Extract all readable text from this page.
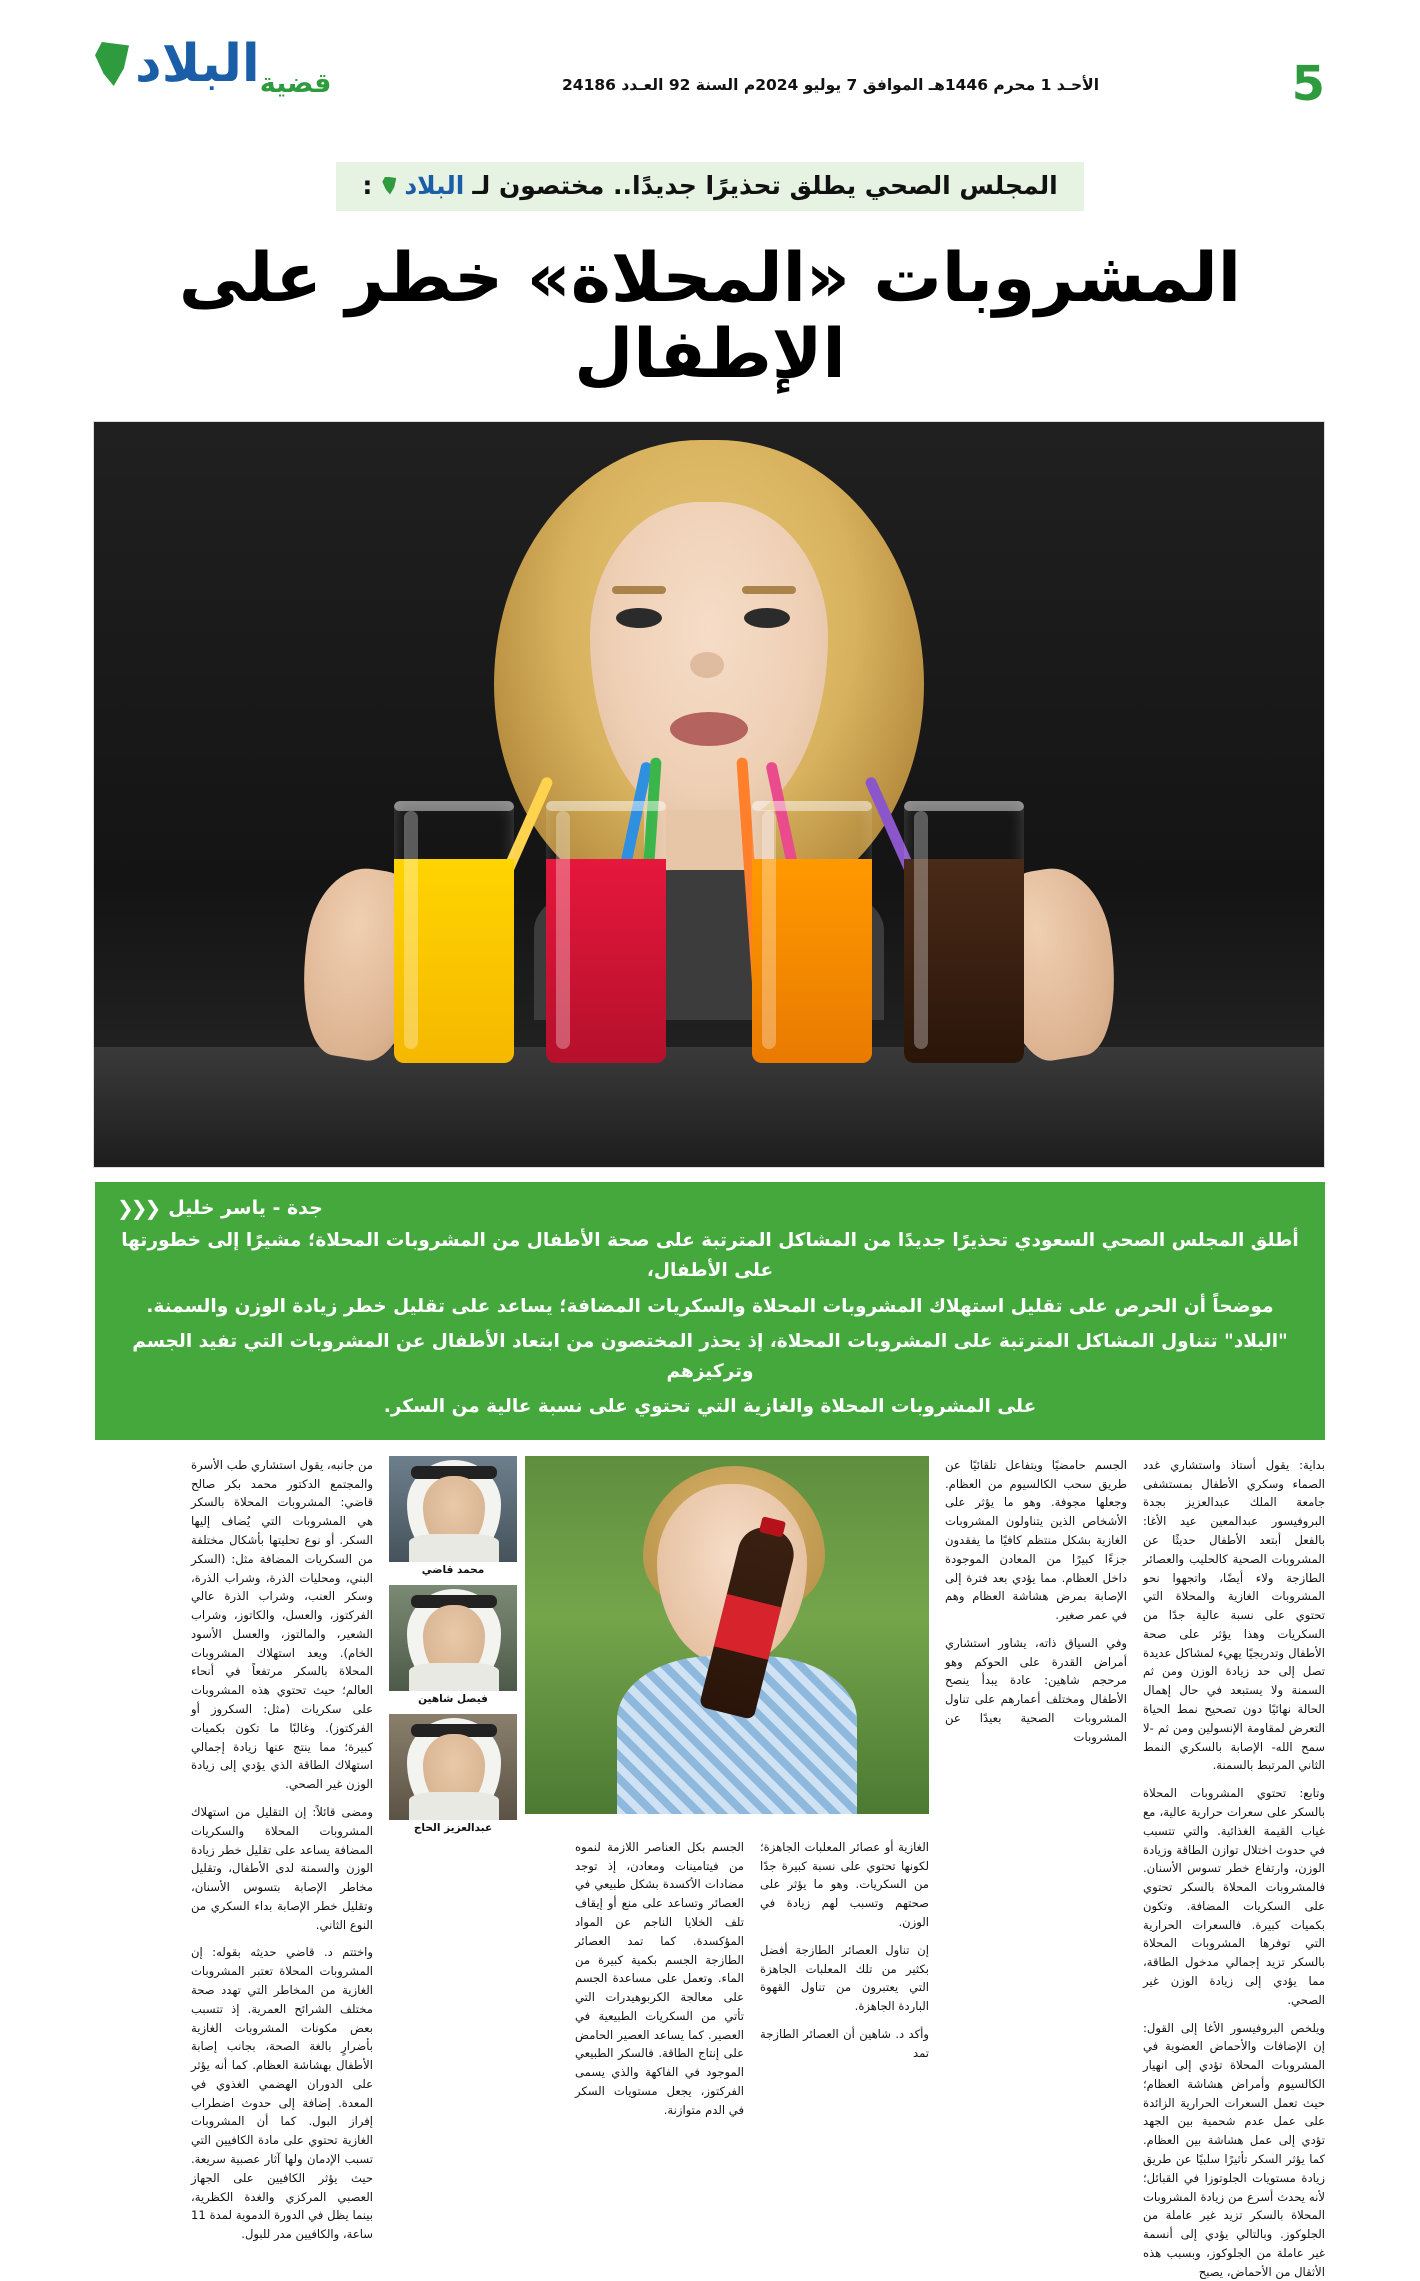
5
الأحـد 1 محرم 1446هـ الموافق 7 يوليو 2024م السنة 92 العـدد 24186
قضية
البلاد
المجلس الصحي يطلق تحذيرًا جديدًا.. مختصون لـ
البلاد
:
المشروبات «المحلاة» خطر على الإطفال
جدة - ياسر خليل
❮❮❮
أطلق المجلس الصحي السعودي تحذيرًا جديدًا من المشاكل المترتبة على صحة الأطفال من المشروبات المحلاة؛ مشيرًا إلى خطورتها على الأطفال،
موضحاً أن الحرص على تقليل استهلاك المشروبات المحلاة والسكريات المضافة؛ يساعد على تقليل خطر زيادة الوزن والسمنة.
"البلاد" تتناول المشاكل المترتبة على المشروبات المحلاة، إذ يحذر المختصون من ابتعاد الأطفال عن المشروبات التي تفيد الجسم وتركيزهم
على المشروبات المحلاة والغازية التي تحتوي على نسبة عالية من السكر.

بداية: يقول أستاذ واستشاري غدد الصماء وسكري الأطفال بمستشفى جامعة الملك عبدالعزيز بجدة البروفيسور عبدالمعين عيد الأغا: بالفعل أبتعد الأطفال حديثًا عن المشروبات الصحية كالحليب والعصائر الطازجة ولاء أيضًا، واتجهوا نحو المشروبات الغازية والمحلاة التي تحتوي على نسبة عالية جدًا من السكريات وهذا يؤثر على صحة الأطفال وتدريجيًا يهيء لمشاكل عديدة تصل إلى حد زيادة الوزن ومن ثم السمنة ولا يستبعد في حال إهمال الحالة نهائيًا دون تصحيح نمط الحياة التعرض لمقاومة الإنسولين ومن ثم -لا سمح الله- الإصابة بالسكري النمط الثاني المرتبط بالسمنة.

وتابع: تحتوي المشروبات المحلاة بالسكر على سعرات حرارية عالية، مع غياب القيمة الغذائية. والتي تتسبب في حدوث اختلال توازن الطاقة وزيادة الوزن، وارتفاع خطر تسوس الأسنان. فالمشروبات المحلاة بالسكر تحتوي على السكريات المضافة. وتكون بكميات كبيرة. فالسعرات الحرارية التي توفرها المشروبات المحلاة بالسكر تزيد إجمالي مدخول الطاقة، مما يؤدي إلى زيادة الوزن غير الصحي.

ويلخص البروفيسور الأغا إلى القول: إن الإضافات والأحماض العضوية في المشروبات المحلاة تؤدي إلى انهيار الكالسيوم وأمراض هشاشة العظام؛ حيث تعمل السعرات الحرارية الزائدة على عمل عدم شحمية بين الجهد تؤدي إلى عمل هشاشة بين العظام. كما يؤثر السكر تأثيرًا سلبيًا عن طريق زيادة مستويات الجلوتوزا في القبائل؛ لأنه يحدث أسرع من زيادة المشروبات المحلاة بالسكر تزيد غير عاملة من الجلوكوز. وبالتالي يؤدي إلى أنسمة غير عاملة من الجلوكوز، وبسبب هذه الأثقال من الأحماض، يصبح

الجسم حامضيًا ويتفاعل تلقائيًا عن طريق سحب الكالسيوم من العظام. وجعلها مجوفة. وهو ما يؤثر على الأشخاص الذين يتناولون المشروبات الغازية بشكل منتظم كافيًا ما يفقدون جزءًا كبيرًا من المعادن الموجودة داخل العظام. مما يؤدي بعد فترة إلى الإصابة بمرض هشاشة العظام وهم في عمر صغير.

وفي السياق ذاته، يشاور استشاري أمراض القدرة على الحوكم وهو مرحجم شاهين: عادة يبدأ ينصح الأطفال ومختلف أعمارهم على تناول المشروبات الصحية بعيدًا عن المشروبات

محمد قاضي
فيصل شاهين
عبدالعزيز الحاج

الغازية أو عصائر المعلبات الجاهزة؛ لكونها تحتوي على نسبة كبيرة جدًا من السكريات. وهو ما يؤثر على صحتهم وتسبب لهم زيادة في الوزن.

إن تناول العصائر الطازجة أفضل بكثير من تلك المعلبات الجاهزة التي يعتبرون من تناول القهوة الباردة الجاهزة.

وأكد د. شاهين أن العصائر الطازجة تمد

الجسم بكل العناصر اللازمة لنموه من فيتامينات ومعادن، إذ توجد مضادات الأكسدة بشكل طبيعي في العصائر وتساعد على منع أو إيقاف تلف الخلايا الناجم عن المواد المؤكسدة. كما تمد العصائر الطازجة الجسم بكمية كبيرة من الماء. وتعمل على مساعدة الجسم على معالجة الكربوهيدرات التي تأتي من السكريات الطبيعية في العصير. كما يساعد العصير الحامض على إنتاج الطاقة. فالسكر الطبيعي الموجود في الفاكهة والذي يسمى الفركتوز، يجعل مستويات السكر في الدم متوازنة.

من جانبه، يقول استشاري طب الأسرة والمجتمع الدكتور محمد بكر صالح قاضي: المشروبات المحلاة بالسكر هي المشروبات التي يُضاف إليها السكر. أو نوع تحليتها بأشكال مختلفة من السكريات المضافة مثل: (السكر البني، ومحليات الذرة، وشراب الذرة، وسكر العنب، وشراب الذرة عالي الفركتوز، والعسل، والكاتوز، وشراب الشعير، والمالتوز، والعسل الأسود الخام). ويعد استهلاك المشروبات المحلاة بالسكر مرتفعاً في أنحاء العالم؛ حيث تحتوي هذه المشروبات على سكريات (مثل: السكروز أو الفركتوز). وغالبًا ما تكون بكميات كبيرة؛ مما ينتج عنها زيادة إجمالي استهلاك الطاقة الذي يؤدي إلى زيادة الوزن غير الصحي.

ومضى قائلاً: إن التقليل من استهلاك المشروبات المحلاة والسكريات المضافة يساعد على تقليل خطر زيادة الوزن والسمنة لدى الأطفال، وتقليل مخاطر الإصابة بتسوس الأسنان، وتقليل خطر الإصابة بداء السكري من النوع الثاني.

واختتم د. قاضي حديثه بقوله: إن المشروبات المحلاة تعتبر المشروبات الغازية من المخاطر التي تهدد صحة مختلف الشرائح العمرية. إذ تتسبب بعض مكونات المشروبات الغازية بأضرارٍ بالغة الصحة، بجانب إصابة الأطفال بهشاشة العظام. كما أنه يؤثر على الدوران الهضمي الغذوي في المعدة. إضافة إلى حدوث اضطراب إفراز البول. كما أن المشروبات الغازية تحتوي على مادة الكافيين التي تسبب الإدمان ولها آثار عصبية سريعة. حيث يؤثر الكافيين على الجهاز العصبي المركزي والغدة الكظرية، بينما يظل في الدورة الدموية لمدة 11 ساعة، والكافيين مدر للبول.
